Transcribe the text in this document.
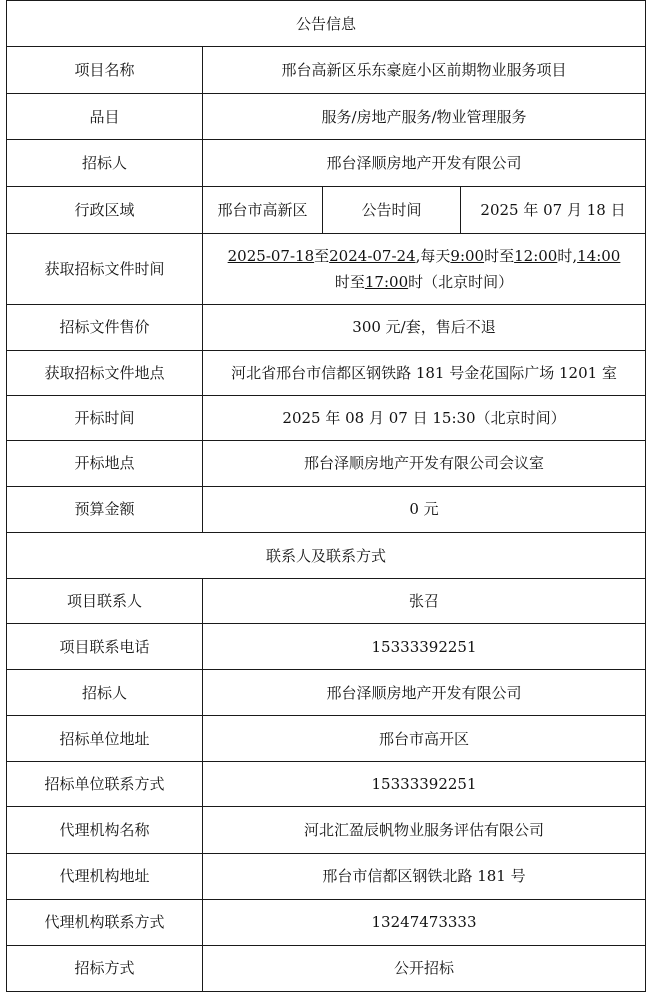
公告信息			
项目名称	邢台高新区乐东豪庭小区前期物业服务项目		
品目	服务/房地产服务/物业管理服务		
招标人	邢台泽顺房地产开发有限公司		
行政区域	邢台市高新区	公告时间	2025 年 07 月 18 日
获取招标文件时间	2025-07-18至2024-07-24,每天9:00时至12:00时,14:00
时至17:00时（北京时间）		
招标文件售价	300 元/套，售后不退		
获取招标文件地点	河北省邢台市信都区钢铁路 181 号金花国际广场 1201 室		
开标时间	2025 年 08 月 07 日 15:30（北京时间）		
开标地点	邢台泽顺房地产开发有限公司会议室		
预算金额	0 元		
联系人及联系方式			
项目联系人	张召		
项目联系电话	15333392251		
招标人	邢台泽顺房地产开发有限公司		
招标单位地址	邢台市高开区		
招标单位联系方式	15333392251		
代理机构名称	河北汇盈辰帆物业服务评估有限公司		
代理机构地址	邢台市信都区钢铁北路 181 号		
代理机构联系方式	13247473333		
招标方式	公开招标		
